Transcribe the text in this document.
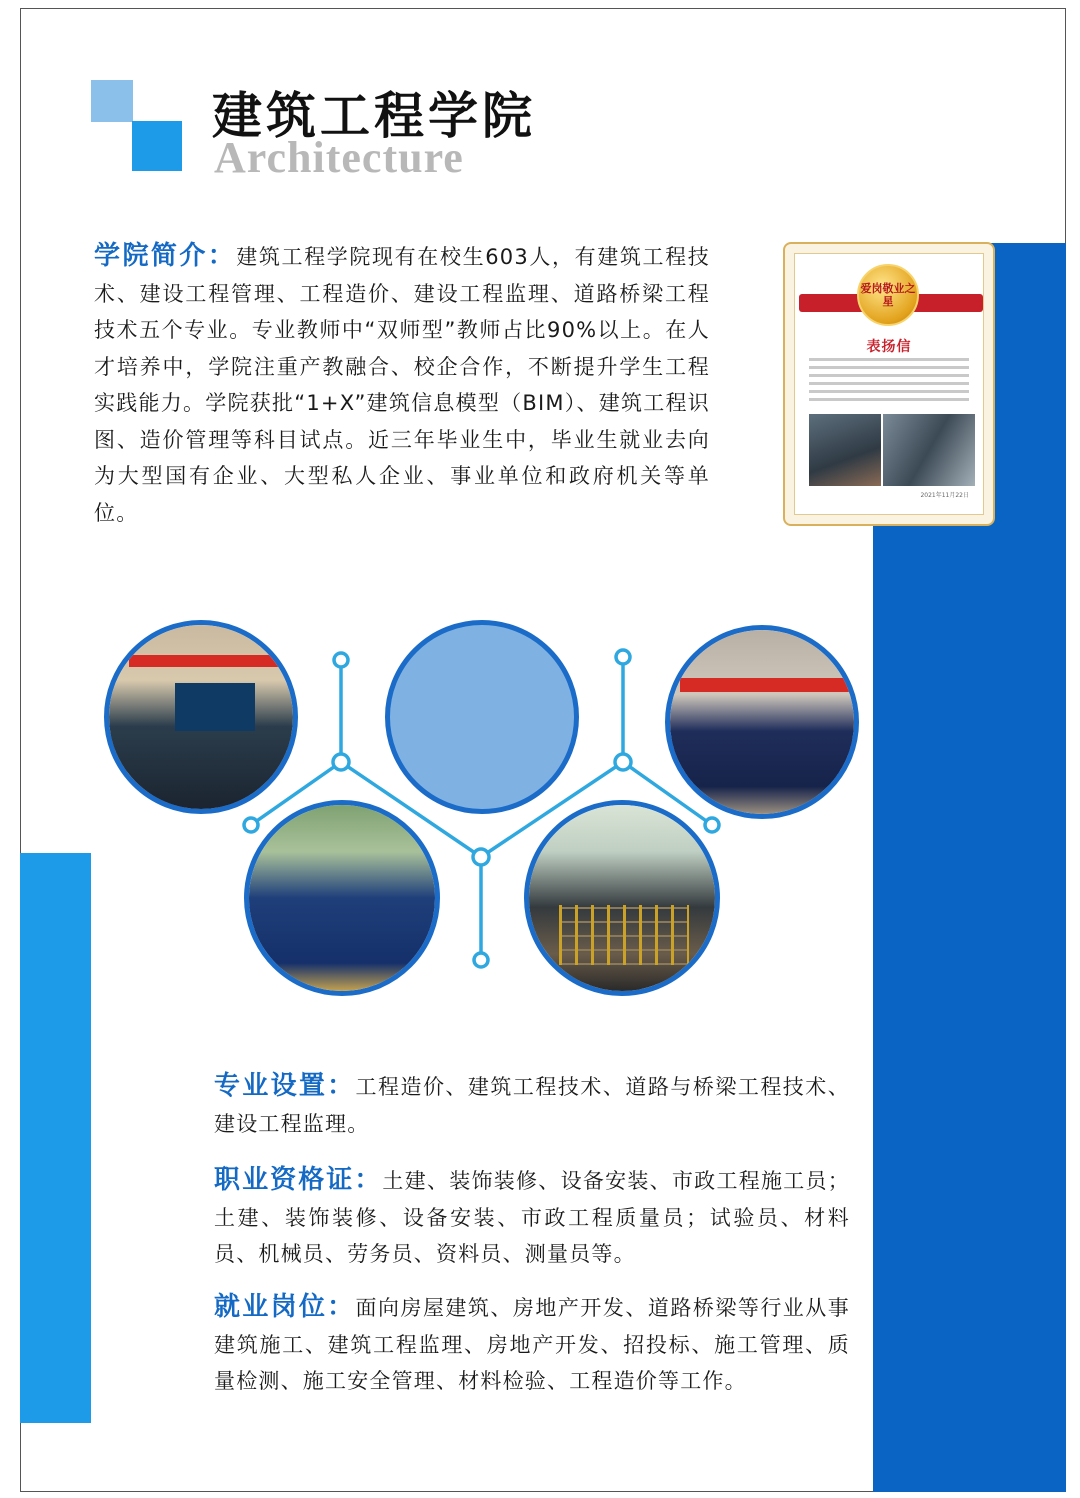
建筑工程学院
Architecture
学院简介：建筑工程学院现有在校生603人，有建筑工程技术、建设工程管理、工程造价、建设工程监理、道路桥梁工程技术五个专业。专业教师中“双师型”教师占比90%以上。在人才培养中，学院注重产教融合、校企合作，不断提升学生工程实践能力。学院获批“1+X”建筑信息模型（BIM）、建筑工程识图、造价管理等科目试点。近三年毕业生中，毕业生就业去向为大型国有企业、大型私人企业、事业单位和政府机关等单位。
爱岗敬业之星
表扬信
2021年11月22日
专业设置：工程造价、建筑工程技术、道路与桥梁工程技术、建设工程监理。
职业资格证：土建、装饰装修、设备安装、市政工程施工员；土建、装饰装修、设备安装、市政工程质量员；试验员、材料员、机械员、劳务员、资料员、测量员等。
就业岗位：面向房屋建筑、房地产开发、道路桥梁等行业从事建筑施工、建筑工程监理、房地产开发、招投标、施工管理、质量检测、施工安全管理、材料检验、工程造价等工作。
